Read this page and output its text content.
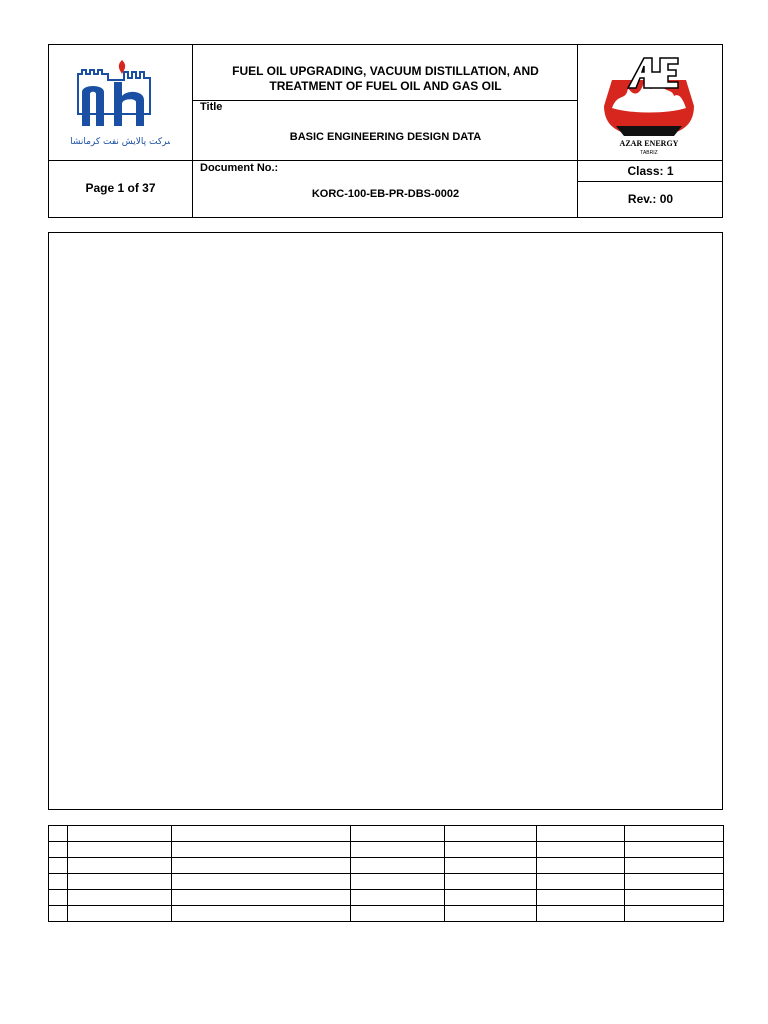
شرکت پالایش نفت کرمانشاه
FUEL OIL UPGRADING, VACUUM DISTILLATION, AND
TREATMENT OF FUEL OIL AND GAS OIL
Title
BASIC ENGINEERING DESIGN DATA
AZAR ENERGY
TABRIZ
Page 1 of 37
Document No.:
KORC-100-EB-PR-DBS-0002
Class: 1
Rev.: 00
